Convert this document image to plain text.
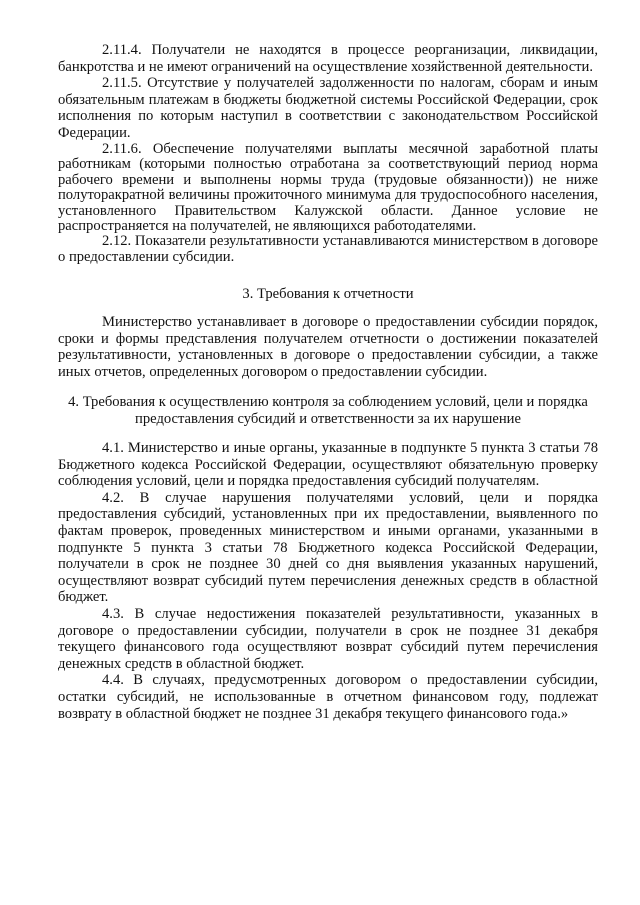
2.11.4. Получатели не находятся в процессе реорганизации, ликвидации, банкротства и не имеют ограничений на осуществление хозяйственной деятельности.

2.11.5. Отсутствие у получателей задолженности по налогам, сборам и иным обязательным платежам в бюджеты бюджетной системы Российской Федерации, срок исполнения по которым наступил в соответствии с законодательством Российской Федерации.

2.11.6. Обеспечение получателями выплаты месячной заработной платы работникам (которыми полностью отработана за соответствующий период норма рабочего времени и выполнены нормы труда (трудовые обязанности)) не ниже полуторакратной величины прожиточного минимума для трудоспособного населения, установленного Правительством Калужской области. Данное условие не распространяется на получателей, не являющихся работодателями.

2.12. Показатели результативности устанавливаются министерством в договоре о предоставлении субсидии.

3. Требования к отчетности

Министерство устанавливает в договоре о предоставлении субсидии порядок, сроки и формы представления получателем отчетности о достижении показателей результативности, установленных в договоре о предоставлении субсидии, а также иных отчетов, определенных договором о предоставлении субсидии.

4. Требования к осуществлению контроля за соблюдением условий, цели и порядка предоставления субсидий и ответственности за их нарушение

4.1. Министерство и иные органы, указанные в подпункте 5 пункта 3 статьи 78 Бюджетного кодекса Российской Федерации, осуществляют обязательную проверку соблюдения условий, цели и порядка предоставления субсидий получателям.

4.2. В случае нарушения получателями условий, цели и порядка предоставления субсидий, установленных при их предоставлении, выявленного по фактам проверок, проведенных министерством и иными органами, указанными в подпункте 5 пункта 3 статьи 78 Бюджетного кодекса Российской Федерации, получатели в срок не позднее 30 дней со дня выявления указанных нарушений, осуществляют возврат субсидий путем перечисления денежных средств в областной бюджет.

4.3. В случае недостижения показателей результативности, указанных в договоре о предоставлении субсидии, получатели в срок не позднее 31 декабря текущего финансового года осуществляют возврат субсидий путем перечисления денежных средств в областной бюджет.

4.4. В случаях, предусмотренных договором о предоставлении субсидии, остатки субсидий, не использованные в отчетном финансовом году, подлежат возврату в областной бюджет не позднее 31 декабря текущего финансового года.»
